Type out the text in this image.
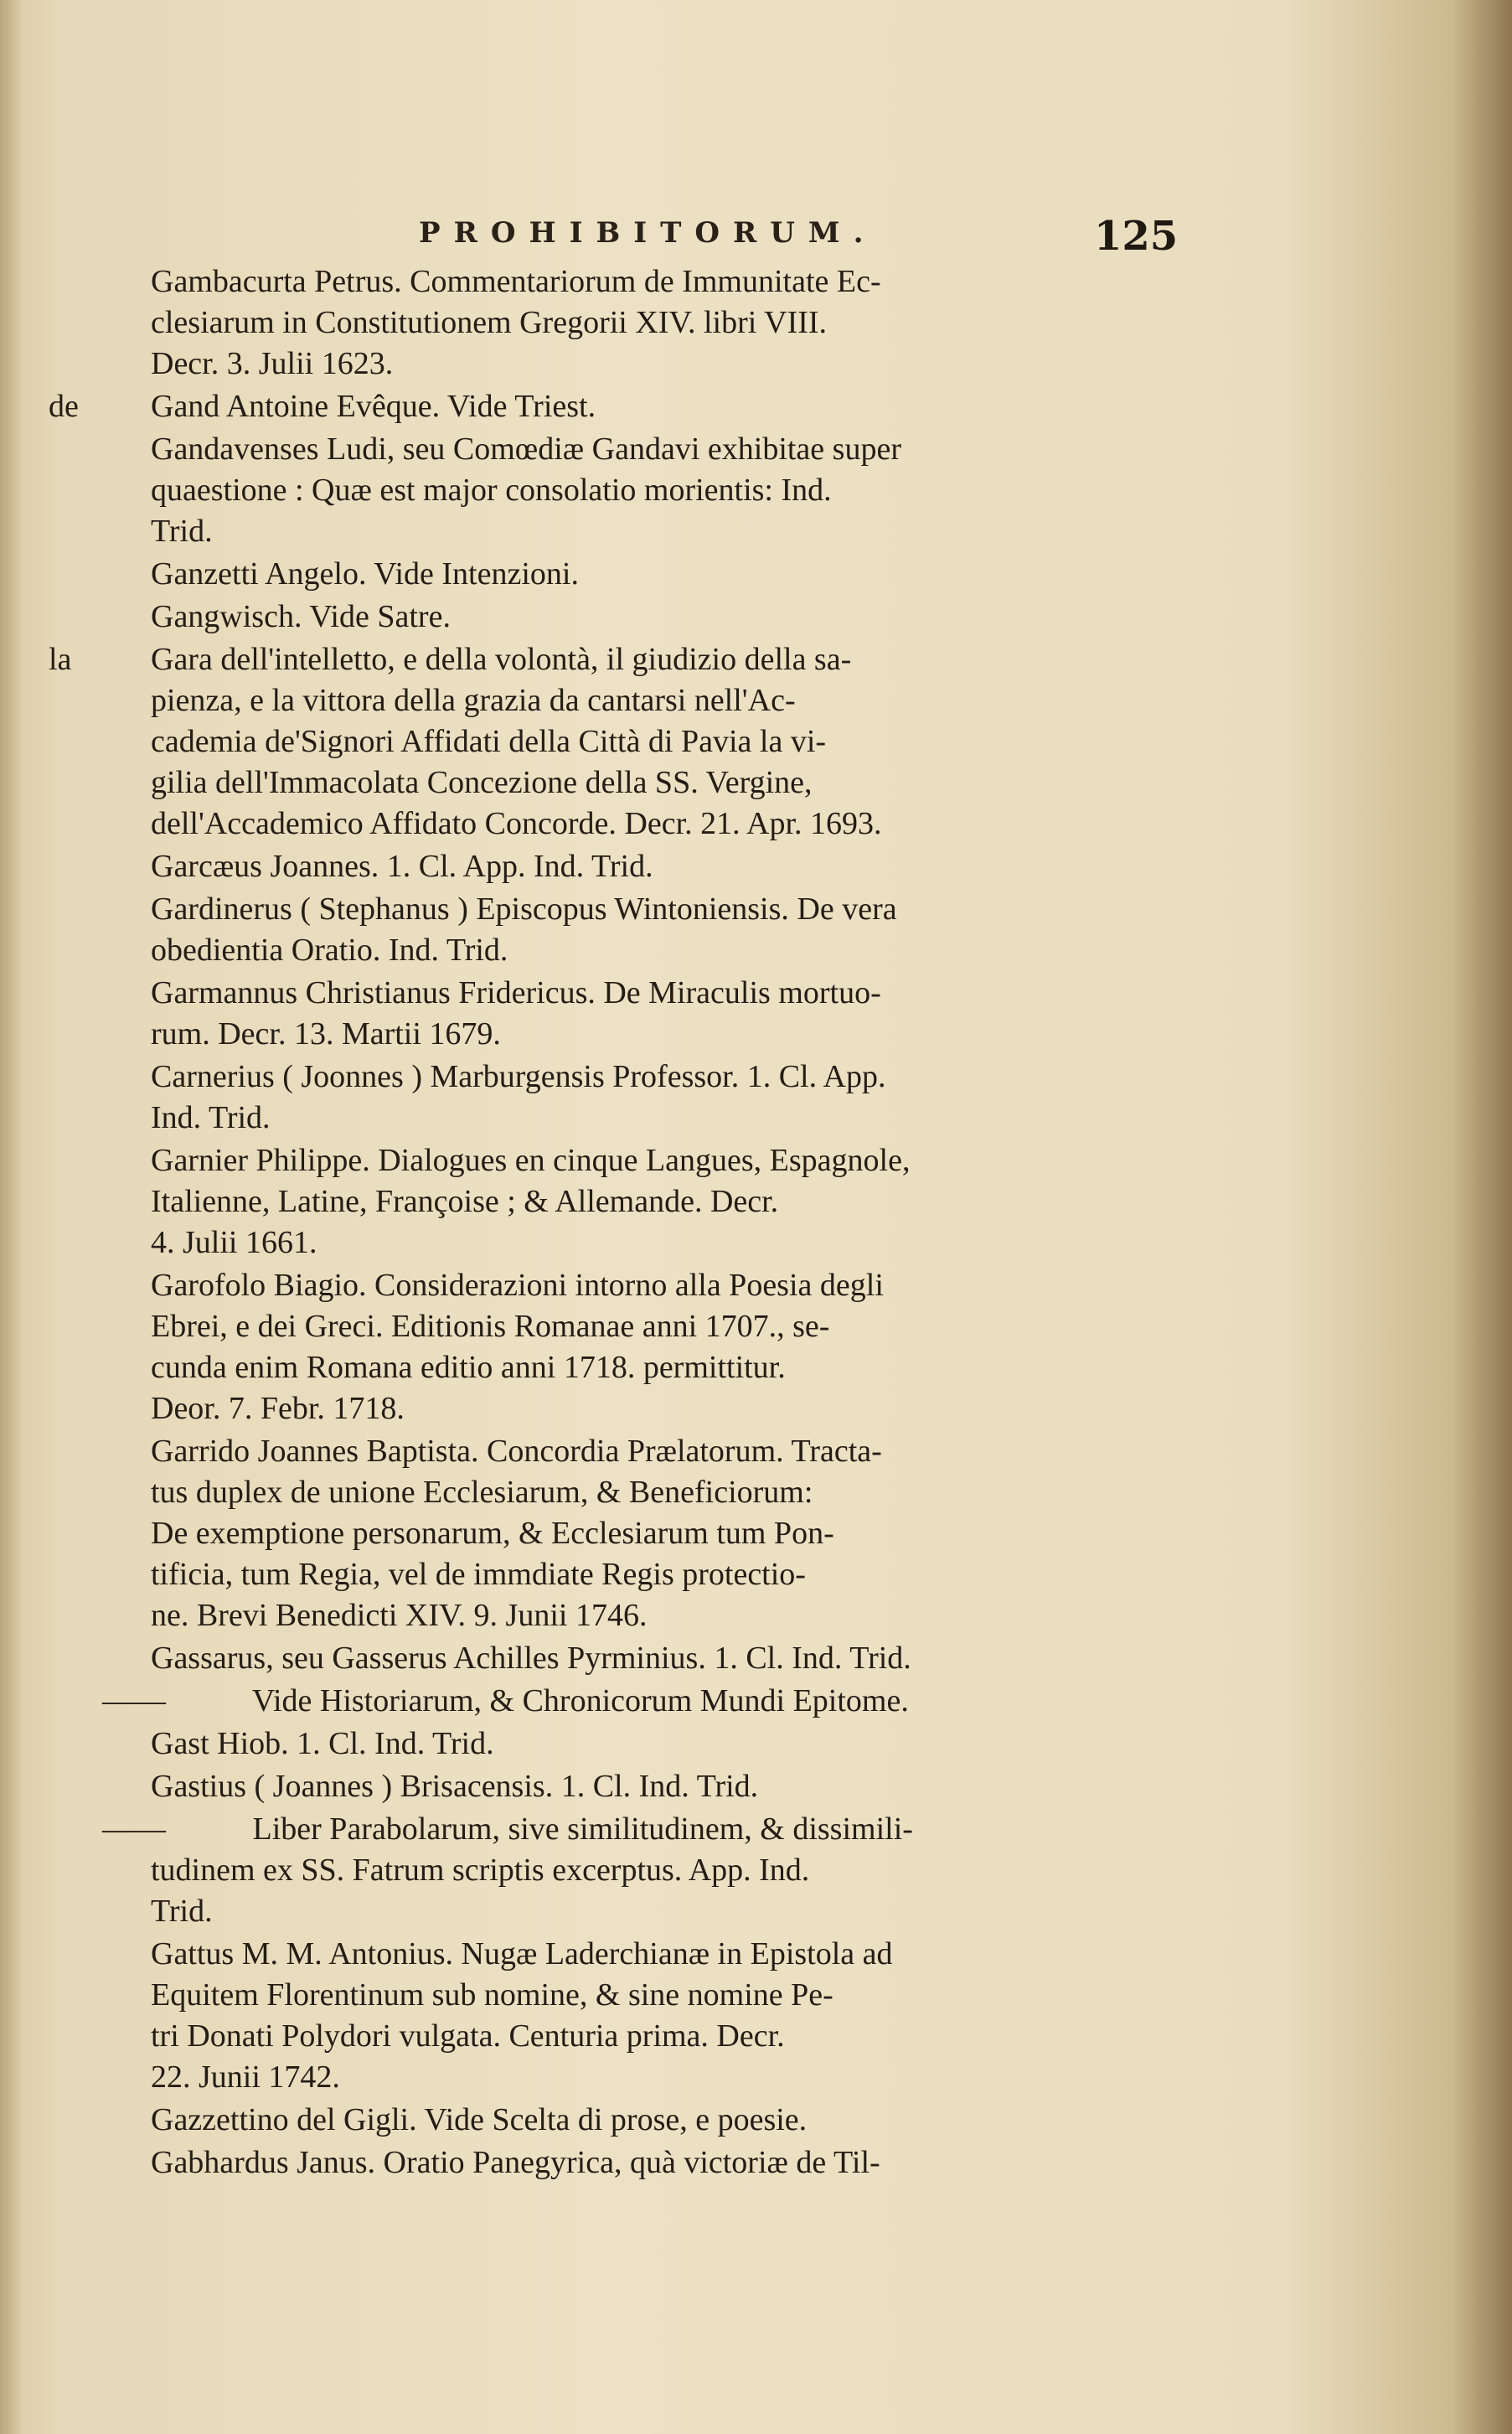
PROHIBITORUM.	125
Gambacurta Petrus. Commentariorum de Immunitate Ec-
clesiarum in Constitutionem Gregorii XIV. libri VIII.
Decr. 3. Julii 1623.
de Gand Antoine Evêque. Vide Triest.
Gandavenses Ludi, seu Comœdiæ Gandavi exhibitae super
quaestione : Quæ est major consolatio morientis: Ind.
Trid.
Ganzetti Angelo. Vide Intenzioni.
Gangwisch. Vide Satre.
la Gara dell'intelletto, e della volontà, il giudizio della sa-
pienza, e la vittora della grazia da cantarsi nell'Ac-
cademia de'Signori Affidati della Città di Pavia la vi-
gilia dell'Immacolata Concezione della SS. Vergine,
dell'Accademico Affidato Concorde. Decr. 21. Apr. 1693.
Garcæus Joannes. 1. Cl. App. Ind. Trid.
Gardinerus ( Stephanus ) Episcopus Wintoniensis. De vera
obedientia Oratio. Ind. Trid.
Garmannus Christianus Fridericus. De Miraculis mortuo-
rum. Decr. 13. Martii 1679.
Carnerius ( Joonnes ) Marburgensis Professor. 1. Cl. App.
Ind. Trid.
Garnier Philippe. Dialogues en cinque Langues, Espagnole,
Italienne, Latine, Françoise ; & Allemande. Decr.
4. Julii 1661.
Garofolo Biagio. Considerazioni intorno alla Poesia degli
Ebrei, e dei Greci. Editionis Romanae anni 1707., se-
cunda enim Romana editio anni 1718. permittitur.
Deor. 7. Febr. 1718.
Garrido Joannes Baptista. Concordia Prælatorum. Tracta-
tus duplex de unione Ecclesiarum, & Beneficiorum:
De exemptione personarum, & Ecclesiarum tum Pon-
tificia, tum Regia, vel de immdiate Regis protectio-
ne. Brevi Benedicti XIV. 9. Junii 1746.
Gassarus, seu Gasserus Achilles Pyrminius. 1. Cl. Ind. Trid.
—— Vide Historiarum, & Chronicorum Mundi Epitome.
Gast Hiob. 1. Cl. Ind. Trid.
Gastius ( Joannes ) Brisacensis. 1. Cl. Ind. Trid.
—— Liber Parabolarum, sive similitudinem, & dissimili-
tudinem ex SS. Fatrum scriptis excerptus. App. Ind.
Trid.
Gattus M. M. Antonius. Nugæ Laderchianæ in Epistola ad
Equitem Florentinum sub nomine, & sine nomine Pe-
tri Donati Polydori vulgata. Centuria prima. Decr.
22. Junii 1742.
Gazzettino del Gigli. Vide Scelta di prose, e poesie.
Gabhardus Janus. Oratio Panegyrica, quà victoriæ de Til-
